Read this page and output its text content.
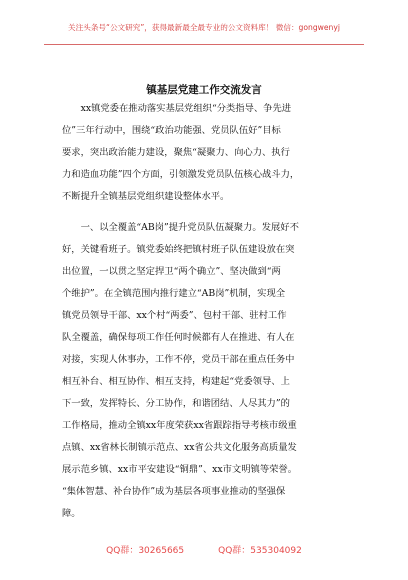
关注头条号“公文研究”，获得最新最全最专业的公文资料库！ 微信：gongwenyj
镇基层党建工作交流发言
xx镇党委在推动落实基层党组织“分类指导、争先进
位”三年行动中，围绕“政治功能强、党员队伍好”目标
要求，突出政治能力建设，聚焦“凝聚力、向心力、执行
力和造血功能”四个方面，引领激发党员队伍核心战斗力，
不断提升全镇基层党组织建设整体水平。
一、以全覆盖“AB岗”提升党员队伍凝聚力。发展好不
好，关键看班子。镇党委始终把镇村班子队伍建设放在突
出位置，一以贯之坚定捍卫“两个确立”、坚决做到“两
个维护”。在全镇范围内推行建立“AB岗”机制，实现全
镇党员领导干部、xx个村“两委”、包村干部、驻村工作
队全覆盖，确保每项工作任何时候都有人在推进、有人在
对接，实现人休事办，工作不停，党员干部在重点任务中
相互补台、相互协作、相互支持，构建起“党委领导、上
下一致，发挥特长、分工协作，和谐团结、人尽其力”的
工作格局，推动全镇xx年度荣获xx省跟踪指导考核市级重
点镇、xx省林长制镇示范点、xx省公共文化服务高质量发
展示范乡镇、xx市平安建设“铜鼎”、xx市文明镇等荣誉。
“集体智慧、补台协作”成为基层各项事业推动的坚强保
障。
QQ群：30265665	QQ群：535304092
